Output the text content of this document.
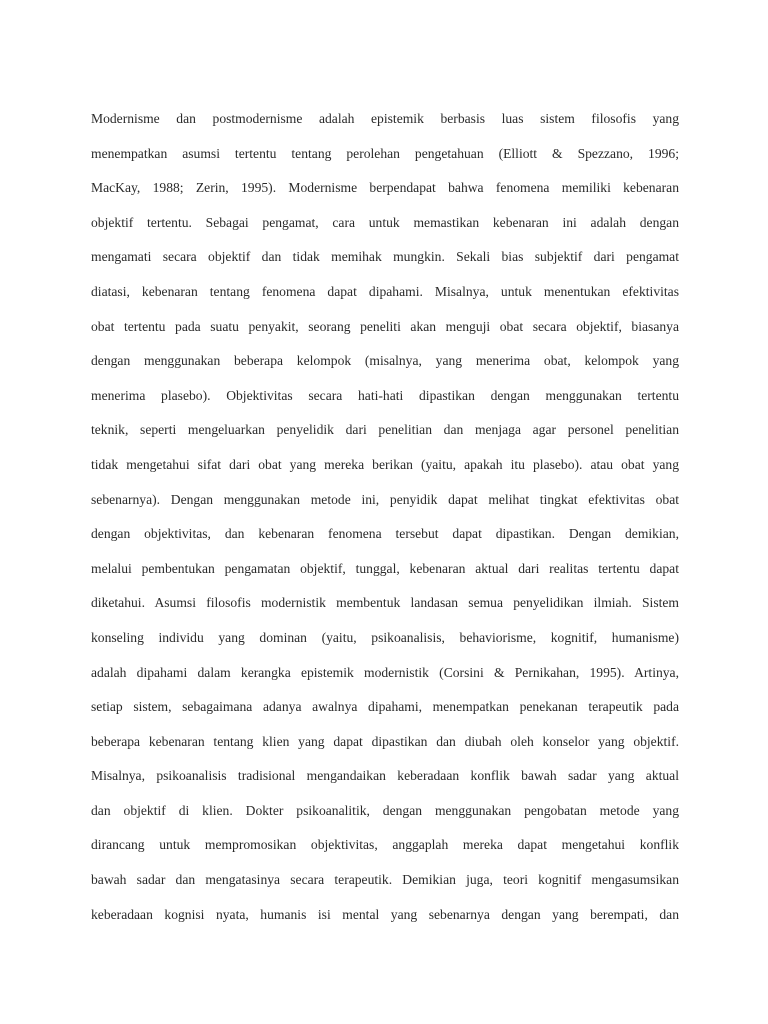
Modernisme dan postmodernisme adalah epistemik berbasis luas sistem filosofis yang
menempatkan asumsi tertentu tentang perolehan pengetahuan (Elliott & Spezzano, 1996;
MacKay, 1988; Zerin, 1995). Modernisme berpendapat bahwa fenomena memiliki kebenaran
objektif tertentu. Sebagai pengamat, cara untuk memastikan kebenaran ini adalah dengan
mengamati secara objektif dan tidak memihak mungkin. Sekali bias subjektif dari pengamat
diatasi, kebenaran tentang fenomena dapat dipahami. Misalnya, untuk menentukan efektivitas
obat tertentu pada suatu penyakit, seorang peneliti akan menguji obat secara objektif, biasanya
dengan menggunakan beberapa kelompok (misalnya, yang menerima obat, kelompok yang
menerima plasebo). Objektivitas secara hati-hati dipastikan dengan menggunakan tertentu
teknik, seperti mengeluarkan penyelidik dari penelitian dan menjaga agar personel penelitian
tidak mengetahui sifat dari obat yang mereka berikan (yaitu, apakah itu plasebo). atau obat yang
sebenarnya). Dengan menggunakan metode ini, penyidik dapat melihat tingkat efektivitas obat
dengan objektivitas, dan kebenaran fenomena tersebut dapat dipastikan. Dengan demikian,
melalui pembentukan pengamatan objektif, tunggal, kebenaran aktual dari realitas tertentu dapat
diketahui. Asumsi filosofis modernistik membentuk landasan semua penyelidikan ilmiah. Sistem
konseling individu yang dominan (yaitu, psikoanalisis, behaviorisme, kognitif, humanisme)
adalah dipahami dalam kerangka epistemik modernistik (Corsini & Pernikahan, 1995). Artinya,
setiap sistem, sebagaimana adanya awalnya dipahami, menempatkan penekanan terapeutik pada
beberapa kebenaran tentang klien yang dapat dipastikan dan diubah oleh konselor yang objektif.
Misalnya, psikoanalisis tradisional mengandaikan keberadaan konflik bawah sadar yang aktual
dan objektif di klien. Dokter psikoanalitik, dengan menggunakan pengobatan metode yang
dirancang untuk mempromosikan objektivitas, anggaplah mereka dapat mengetahui konflik
bawah sadar dan mengatasinya secara terapeutik. Demikian juga, teori kognitif mengasumsikan
keberadaan kognisi nyata, humanis isi mental yang sebenarnya dengan yang berempati, dan
